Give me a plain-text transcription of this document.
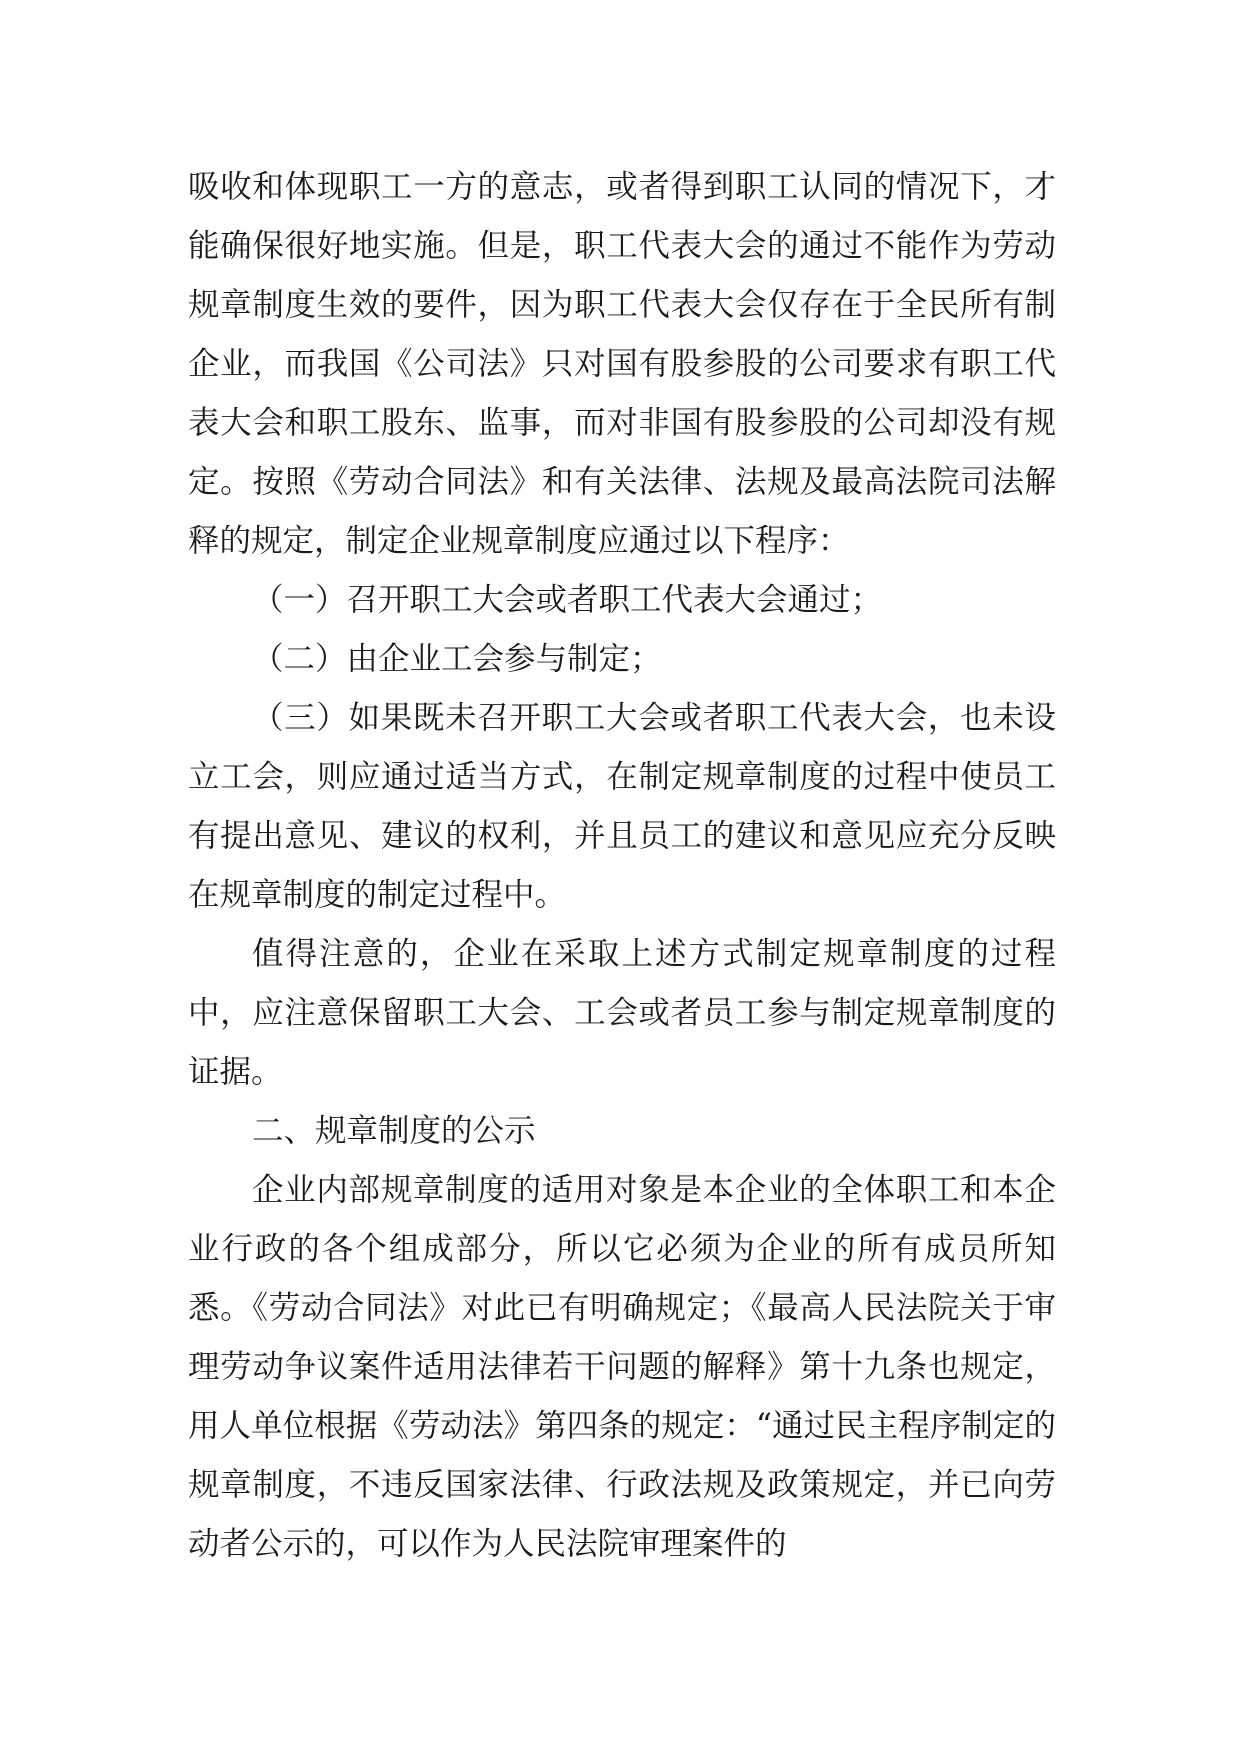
吸收和体现职工一方的意志，或者得到职工认同的情况下，才能确保很好地实施。但是，职工代表大会的通过不能作为劳动规章制度生效的要件，因为职工代表大会仅存在于全民所有制企业，而我国《公司法》只对国有股参股的公司要求有职工代表大会和职工股东、监事，而对非国有股参股的公司却没有规定。按照《劳动合同法》和有关法律、法规及最高法院司法解释的规定，制定企业规章制度应通过以下程序：

（一）召开职工大会或者职工代表大会通过；

（二）由企业工会参与制定；

（三）如果既未召开职工大会或者职工代表大会，也未设立工会，则应通过适当方式，在制定规章制度的过程中使员工有提出意见、建议的权利，并且员工的建议和意见应充分反映在规章制度的制定过程中。

值得注意的，企业在采取上述方式制定规章制度的过程中，应注意保留职工大会、工会或者员工参与制定规章制度的证据。

二、规章制度的公示

企业内部规章制度的适用对象是本企业的全体职工和本企业行政的各个组成部分，所以它必须为企业的所有成员所知悉。《劳动合同法》对此已有明确规定；《最高人民法院关于审理劳动争议案件适用法律若干问题的解释》第十九条也规定，用人单位根据《劳动法》第四条的规定：“通过民主程序制定的规章制度，不违反国家法律、行政法规及政策规定，并已向劳动者公示的，可以作为人民法院审理案件的
